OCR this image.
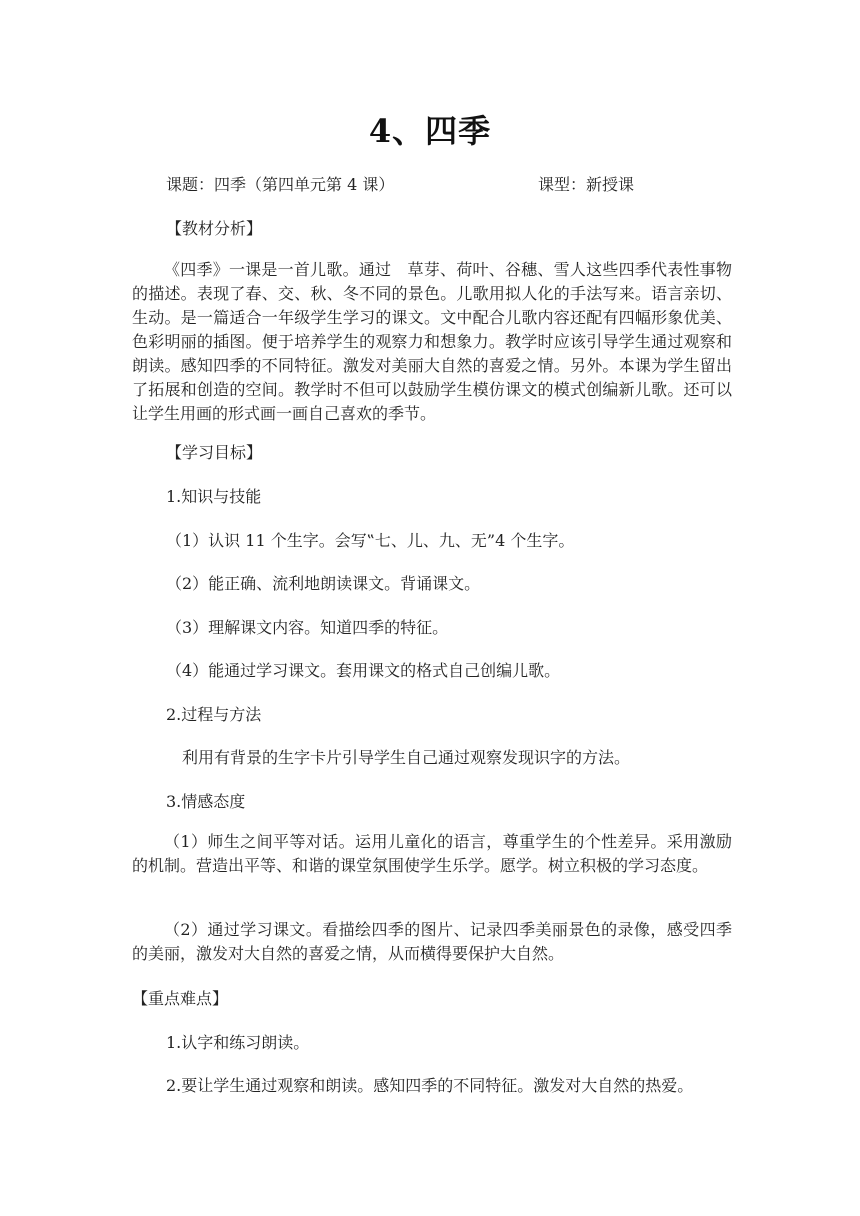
4、四季
课题：四季（第四单元第 4 课）	课型：新授课
【教材分析】
《四季》一课是一首儿歌。通过　草芽、荷叶、谷穗、雪人这些四季代表性事物的描述。表现了春、交、秋、冬不同的景色。儿歌用拟人化的手法写来。语言亲切、生动。是一篇适合一年级学生学习的课文。文中配合儿歌内容还配有四幅形象优美、色彩明丽的插图。便于培养学生的观察力和想象力。教学时应该引导学生通过观察和朗读。感知四季的不同特征。激发对美丽大自然的喜爱之情。另外。本课为学生留出了拓展和创造的空间。教学时不但可以鼓励学生模仿课文的模式创编新儿歌。还可以让学生用画的形式画一画自己喜欢的季节。
【学习目标】
1.知识与技能
（1）认识 11 个生字。会写‟七、儿、九、无”4 个生字。
（2）能正确、流利地朗读课文。背诵课文。
（3）理解课文内容。知道四季的特征。
（4）能通过学习课文。套用课文的格式自己创编儿歌。
2.过程与方法
利用有背景的生字卡片引导学生自己通过观察发现识字的方法。
3.情感态度
（1）师生之间平等对话。运用儿童化的语言，尊重学生的个性差异。采用激励的机制。营造出平等、和谐的课堂氛围使学生乐学。愿学。树立积极的学习态度。
（2）通过学习课文。看描绘四季的图片、记录四季美丽景色的录像，感受四季的美丽，激发对大自然的喜爱之情，从而横得要保护大自然。
【重点难点】
1.认字和练习朗读。
2.要让学生通过观察和朗读。感知四季的不同特征。激发对大自然的热爱。
